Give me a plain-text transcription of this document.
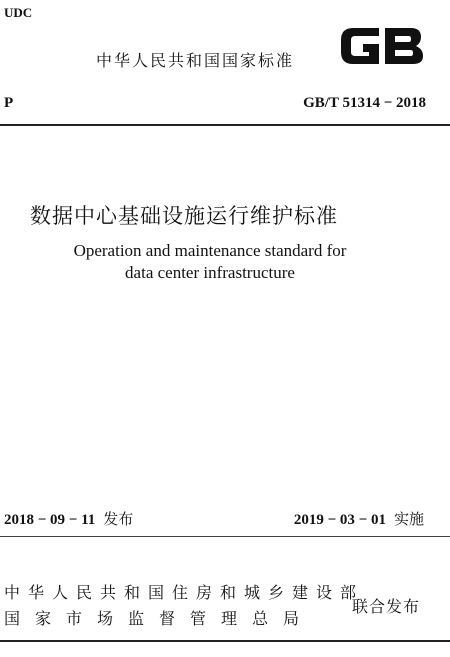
UDC
中华人民共和国国家标准
P	GB/T 51314 − 2018
数据中心基础设施运行维护标准
Operation and maintenance standard for
data center infrastructure
2018 − 09 − 11 发布	2019 − 03 − 01 实施
中华人民共和国住房和城乡建设部
国家市场监督管理总局
联合发布
